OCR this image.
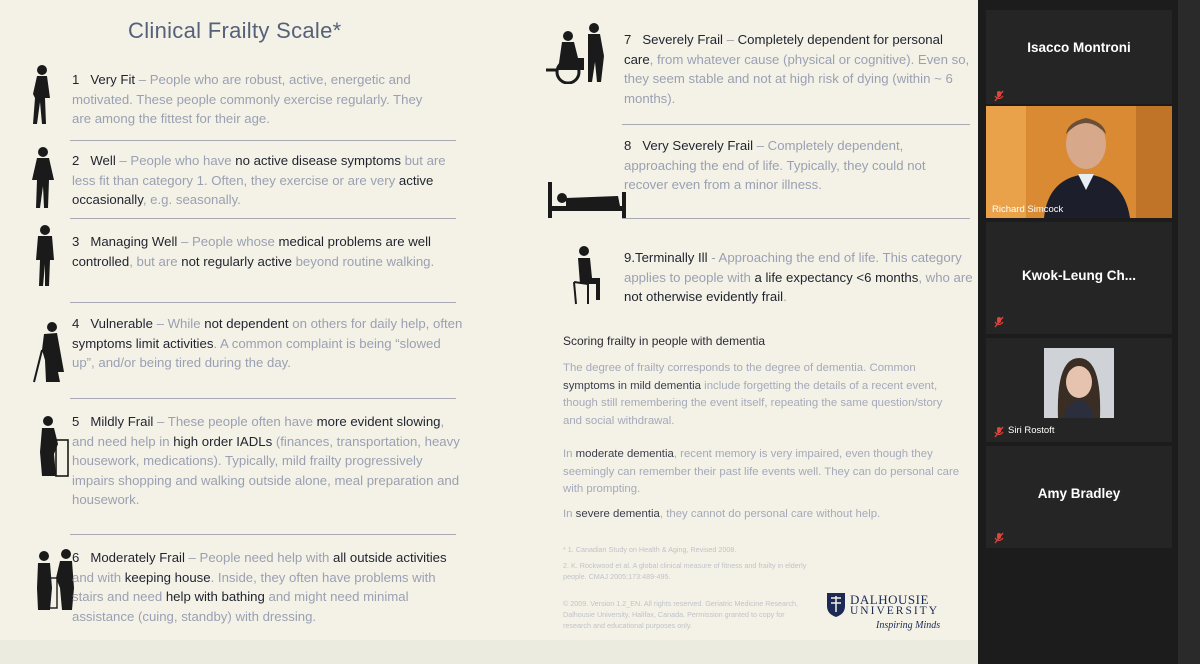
Clinical Frailty Scale*
1 Very Fit – People who are robust, active, energetic and motivated. These people commonly exercise regularly. They are among the fittest for their age.
2 Well – People who have no active disease symptoms but are less fit than category 1. Often, they exercise or are very active occasionally, e.g. seasonally.
3 Managing Well – People whose medical problems are well controlled, but are not regularly active beyond routine walking.
4 Vulnerable – While not dependent on others for daily help, often symptoms limit activities. A common complaint is being “slowed up”, and/or being tired during the day.
5 Mildly Frail – These people often have more evident slowing, and need help in high order IADLs (finances, transportation, heavy housework, medications). Typically, mild frailty progressively impairs shopping and walking outside alone, meal preparation and housework.
6 Moderately Frail – People need help with all outside activities and with keeping house. Inside, they often have problems with stairs and need help with bathing and might need minimal assistance (cuing, standby) with dressing.
7 Severely Frail – Completely dependent for personal care, from whatever cause (physical or cognitive). Even so, they seem stable and not at high risk of dying (within ~ 6 months).
8 Very Severely Frail – Completely dependent, approaching the end of life. Typically, they could not recover even from a minor illness.
9.Terminally Ill - Approaching the end of life. This category applies to people with a life expectancy <6 months, who are not otherwise evidently frail.
Scoring frailty in people with dementia
The degree of frailty corresponds to the degree of dementia. Common symptoms in mild dementia include forgetting the details of a recent event, though still remembering the event itself, repeating the same question/story and social withdrawal.
In moderate dementia, recent memory is very impaired, even though they seemingly can remember their past life events well. They can do personal care with prompting.
In severe dementia, they cannot do personal care without help.
* 1. Canadian Study on Health & Aging, Revised 2008.
2. K. Rockwood et al. A global clinical measure of fitness and frailty in elderly people. CMAJ 2005;173:489-495.
© 2009. Version 1.2_EN. All rights reserved. Geriatric Medicine Research, Dalhousie University, Halifax, Canada. Permission granted to copy for research and educational purposes only.
DALHOUSIE
UNIVERSITY
Inspiring Minds
Isacco Montroni
Richard Simcock
Kwok-Leung Ch...
Siri Rostoft
Amy Bradley
